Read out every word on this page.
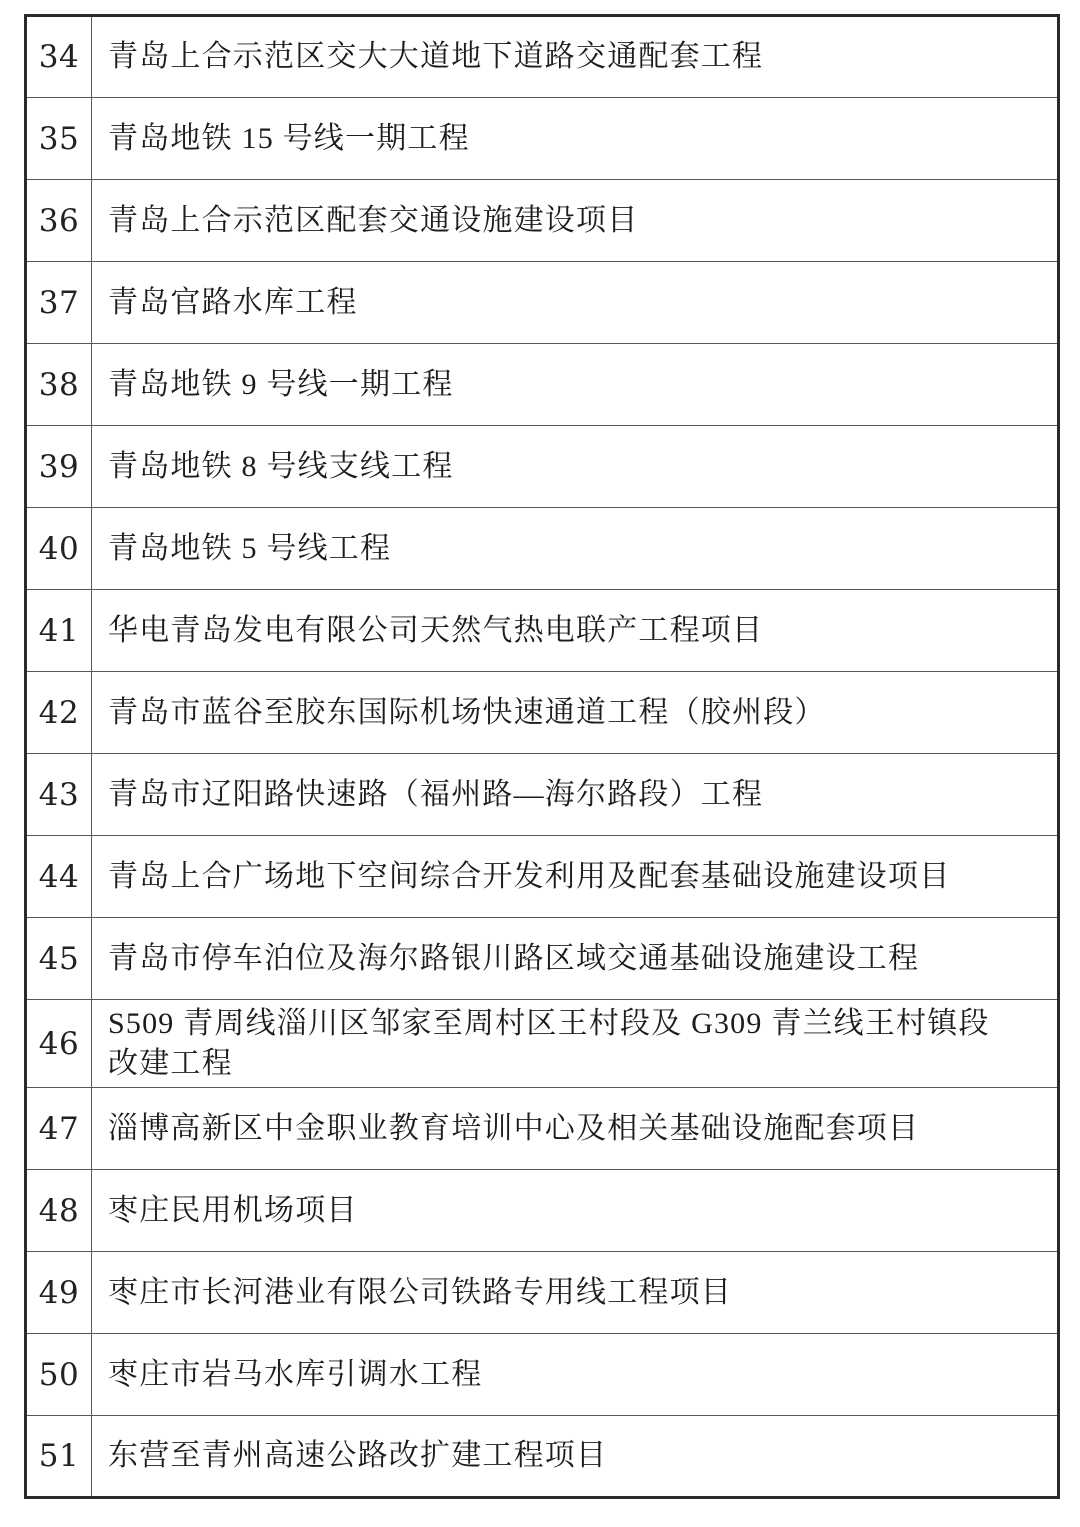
34	青岛上合示范区交大大道地下道路交通配套工程
35	青岛地铁 15 号线一期工程
36	青岛上合示范区配套交通设施建设项目
37	青岛官路水库工程
38	青岛地铁 9 号线一期工程
39	青岛地铁 8 号线支线工程
40	青岛地铁 5 号线工程
41	华电青岛发电有限公司天然气热电联产工程项目
42	青岛市蓝谷至胶东国际机场快速通道工程（胶州段）
43	青岛市辽阳路快速路（福州路—海尔路段）工程
44	青岛上合广场地下空间综合开发利用及配套基础设施建设项目
45	青岛市停车泊位及海尔路银川路区域交通基础设施建设工程
46	S509 青周线淄川区邹家至周村区王村段及 G309 青兰线王村镇段
改建工程

47	淄博高新区中金职业教育培训中心及相关基础设施配套项目
48	枣庄民用机场项目
49	枣庄市长河港业有限公司铁路专用线工程项目
50	枣庄市岩马水库引调水工程
51	东营至青州高速公路改扩建工程项目
